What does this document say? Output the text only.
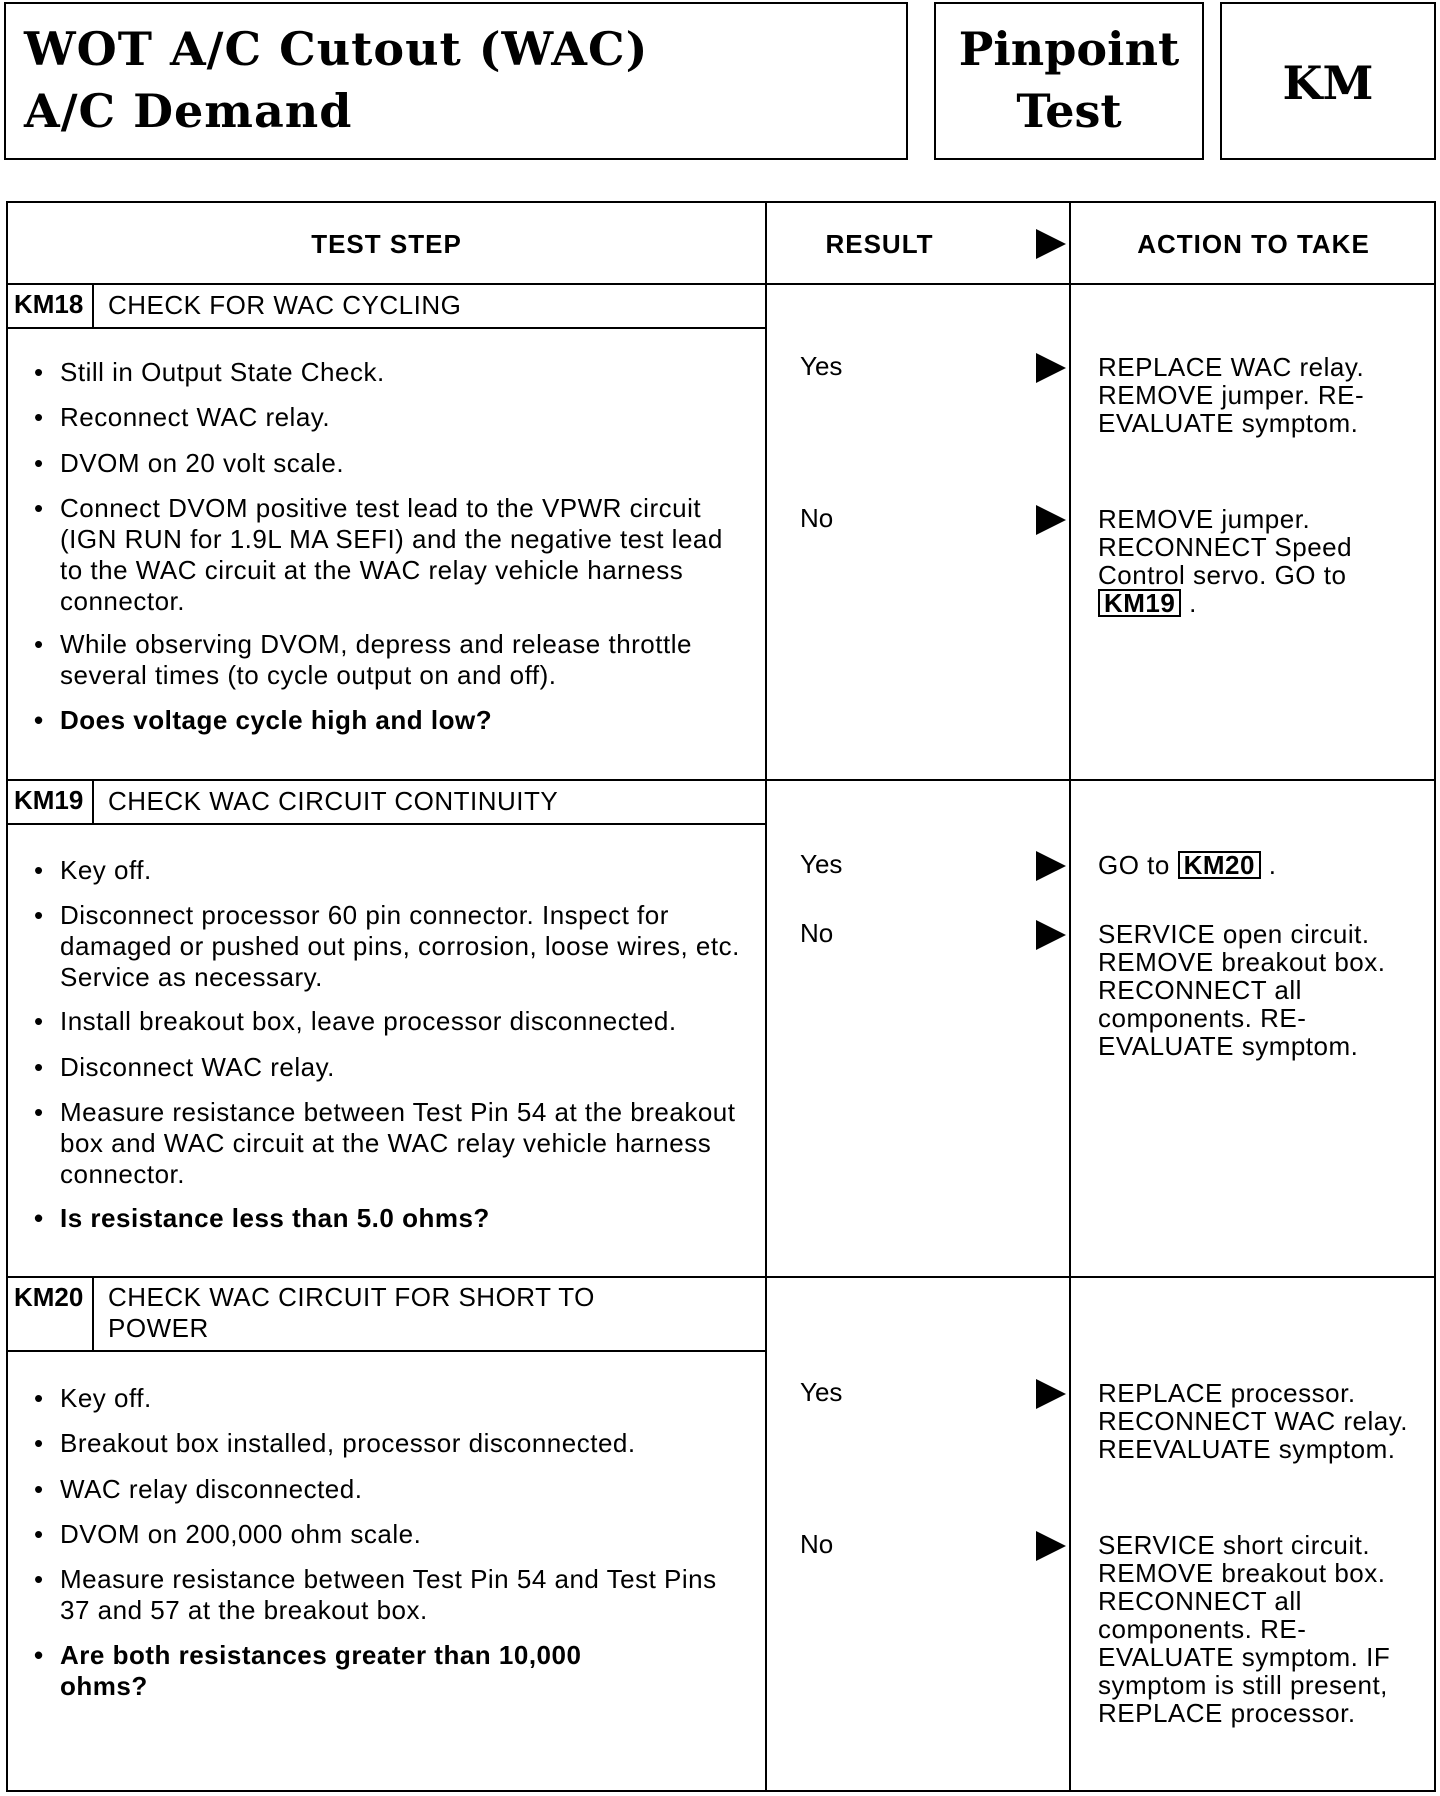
WOT A/C Cutout (WAC)
A/C Demand
Pinpoint
Test
KM
TEST STEP	RESULT	ACTION TO TAKE
KM18 CHECK FOR WAC CYCLING
• Still in Output State Check.
• Reconnect WAC relay.
• DVOM on 20 volt scale.
• Connect DVOM positive test lead to the VPWR circuit (IGN RUN for 1.9L MA SEFI) and the negative test lead to the WAC circuit at the WAC relay vehicle harness connector.
• While observing DVOM, depress and release throttle several times (to cycle output on and off).
• Does voltage cycle high and low?
Yes	REPLACE WAC relay. REMOVE jumper. RE-EVALUATE symptom.
No	REMOVE jumper. RECONNECT Speed Control servo. GO to KM19 .
KM19 CHECK WAC CIRCUIT CONTINUITY
• Key off.
• Disconnect processor 60 pin connector. Inspect for damaged or pushed out pins, corrosion, loose wires, etc. Service as necessary.
• Install breakout box, leave processor disconnected.
• Disconnect WAC relay.
• Measure resistance between Test Pin 54 at the breakout box and WAC circuit at the WAC relay vehicle harness connector.
• Is resistance less than 5.0 ohms?
Yes	GO to KM20 .
No	SERVICE open circuit. REMOVE breakout box. RECONNECT all components. RE-EVALUATE symptom.
KM20 CHECK WAC CIRCUIT FOR SHORT TO POWER
• Key off.
• Breakout box installed, processor disconnected.
• WAC relay disconnected.
• DVOM on 200,000 ohm scale.
• Measure resistance between Test Pin 54 and Test Pins 37 and 57 at the breakout box.
• Are both resistances greater than 10,000 ohms?
Yes	REPLACE processor. RECONNECT WAC relay. REEVALUATE symptom.
No	SERVICE short circuit. REMOVE breakout box. RECONNECT all components. RE-EVALUATE symptom. IF symptom is still present, REPLACE processor.
